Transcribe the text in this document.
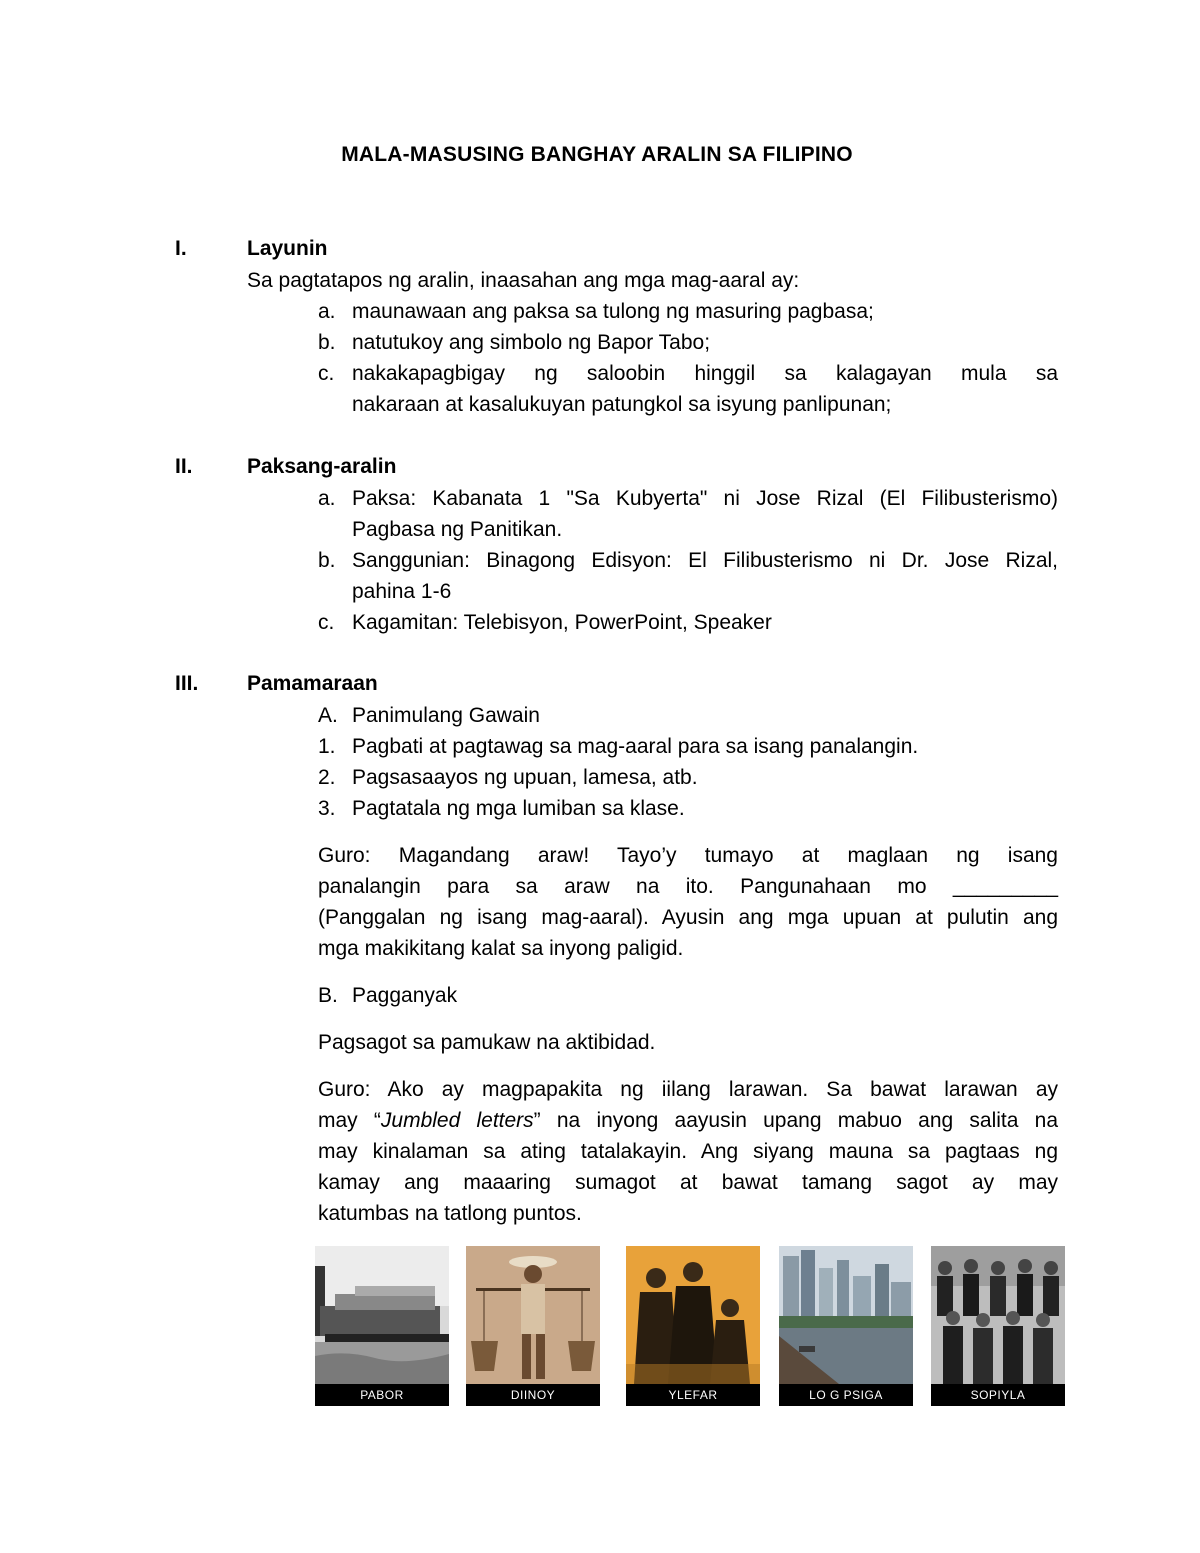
MALA-MASUSING BANGHAY ARALIN SA FILIPINO
I.	Layunin
Sa pagtatapos ng aralin, inaasahan ang mga mag-aaral ay:
a. maunawaan ang paksa sa tulong ng masuring pagbasa;
b. natutukoy ang simbolo ng Bapor Tabo;
c. nakakapagbigay ng saloobin hinggil sa kalagayan mula sa
nakaraan at kasalukuyan patungkol sa isyung panlipunan;
II.	Paksang-aralin
a. Paksa: Kabanata 1 "Sa Kubyerta" ni Jose Rizal (El Filibusterismo)
Pagbasa ng Panitikan.
b. Sanggunian: Binagong Edisyon: El Filibusterismo ni Dr. Jose Rizal,
pahina 1-6
c. Kagamitan: Telebisyon, PowerPoint, Speaker
III. Pamamaraan
A. Panimulang Gawain
1. Pagbati at pagtawag sa mag-aaral para sa isang panalangin.
2. Pagsasaayos ng upuan, lamesa, atb.
3. Pagtatala ng mga lumiban sa klase.
Guro: Magandang araw! Tayo’y tumayo at maglaan ng isang
panalangin para sa araw na ito. Pangunahaan mo _________
(Panggalan ng isang mag-aaral). Ayusin ang mga upuan at pulutin ang
mga makikitang kalat sa inyong paligid.
B. Pagganyak
Pagsagot sa pamukaw na aktibidad.
Guro: Ako ay magpapakita ng iilang larawan. Sa bawat larawan ay
may “Jumbled letters” na inyong aayusin upang mabuo ang salita na
may kinalaman sa ating tatalakayin. Ang siyang mauna sa pagtaas ng
kamay ang maaaring sumagot at bawat tamang sagot ay may
katumbas na tatlong puntos.
PABOR	DIINOY	YLEFAR	LO G PSIGA	SOPIYLA
